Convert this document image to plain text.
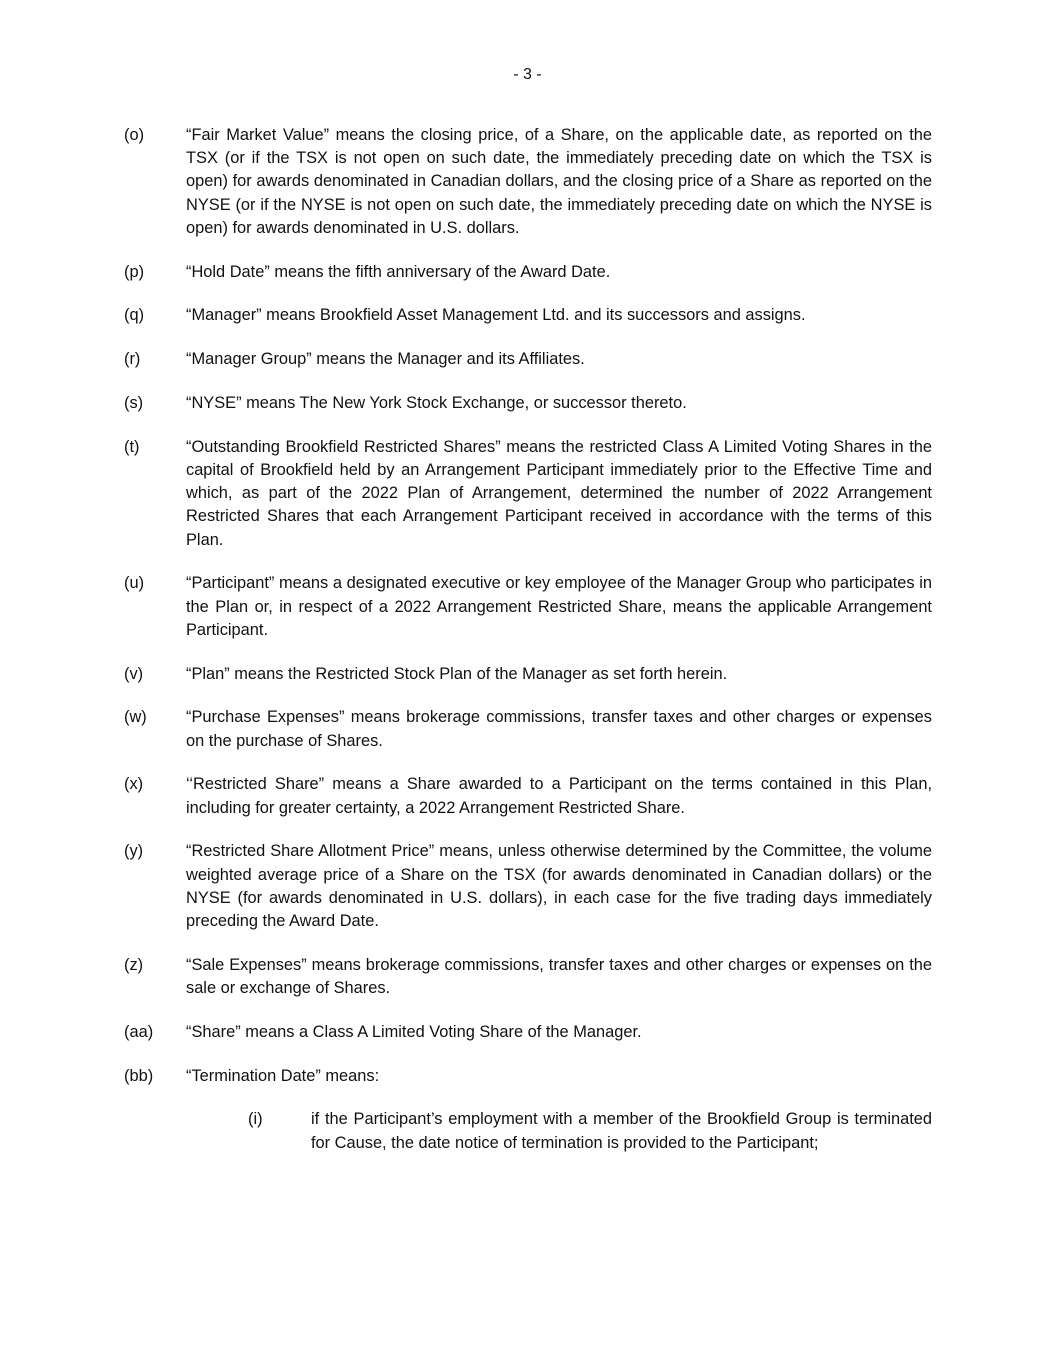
- 3 -
(o)	“Fair Market Value” means the closing price, of a Share, on the applicable date, as reported on the TSX (or if the TSX is not open on such date, the immediately preceding date on which the TSX is open) for awards denominated in Canadian dollars, and the closing price of a Share as reported on the NYSE (or if the NYSE is not open on such date, the immediately preceding date on which the NYSE is open) for awards denominated in U.S. dollars.
(p)	“Hold Date” means the fifth anniversary of the Award Date.
(q)	“Manager” means Brookfield Asset Management Ltd. and its successors and assigns.
(r)	“Manager Group” means the Manager and its Affiliates.
(s)	“NYSE” means The New York Stock Exchange, or successor thereto.
(t)	“Outstanding Brookfield Restricted Shares” means the restricted Class A Limited Voting Shares in the capital of Brookfield held by an Arrangement Participant immediately prior to the Effective Time and which, as part of the 2022 Plan of Arrangement, determined the number of 2022 Arrangement Restricted Shares that each Arrangement Participant received in accordance with the terms of this Plan.
(u)	“Participant” means a designated executive or key employee of the Manager Group who participates in the Plan or, in respect of a 2022 Arrangement Restricted Share, means the applicable Arrangement Participant.
(v)	“Plan” means the Restricted Stock Plan of the Manager as set forth herein.
(w) “Purchase Expenses” means brokerage commissions, transfer taxes and other charges or expenses on the purchase of Shares.
(x)	‘‘Restricted Share” means a Share awarded to a Participant on the terms contained in this Plan, including for greater certainty, a 2022 Arrangement Restricted Share.
(y)	“Restricted Share Allotment Price” means, unless otherwise determined by the Committee, the volume weighted average price of a Share on the TSX (for awards denominated in Canadian dollars) or the NYSE (for awards denominated in U.S. dollars), in each case for the five trading days immediately preceding the Award Date.
(z)	“Sale Expenses” means brokerage commissions, transfer taxes and other charges or expenses on the sale or exchange of Shares.
(aa) “Share” means a Class A Limited Voting Share of the Manager.
(bb) “Termination Date” means:
(i)	if the Participant’s employment with a member of the Brookfield Group is terminated for Cause, the date notice of termination is provided to the Participant;
